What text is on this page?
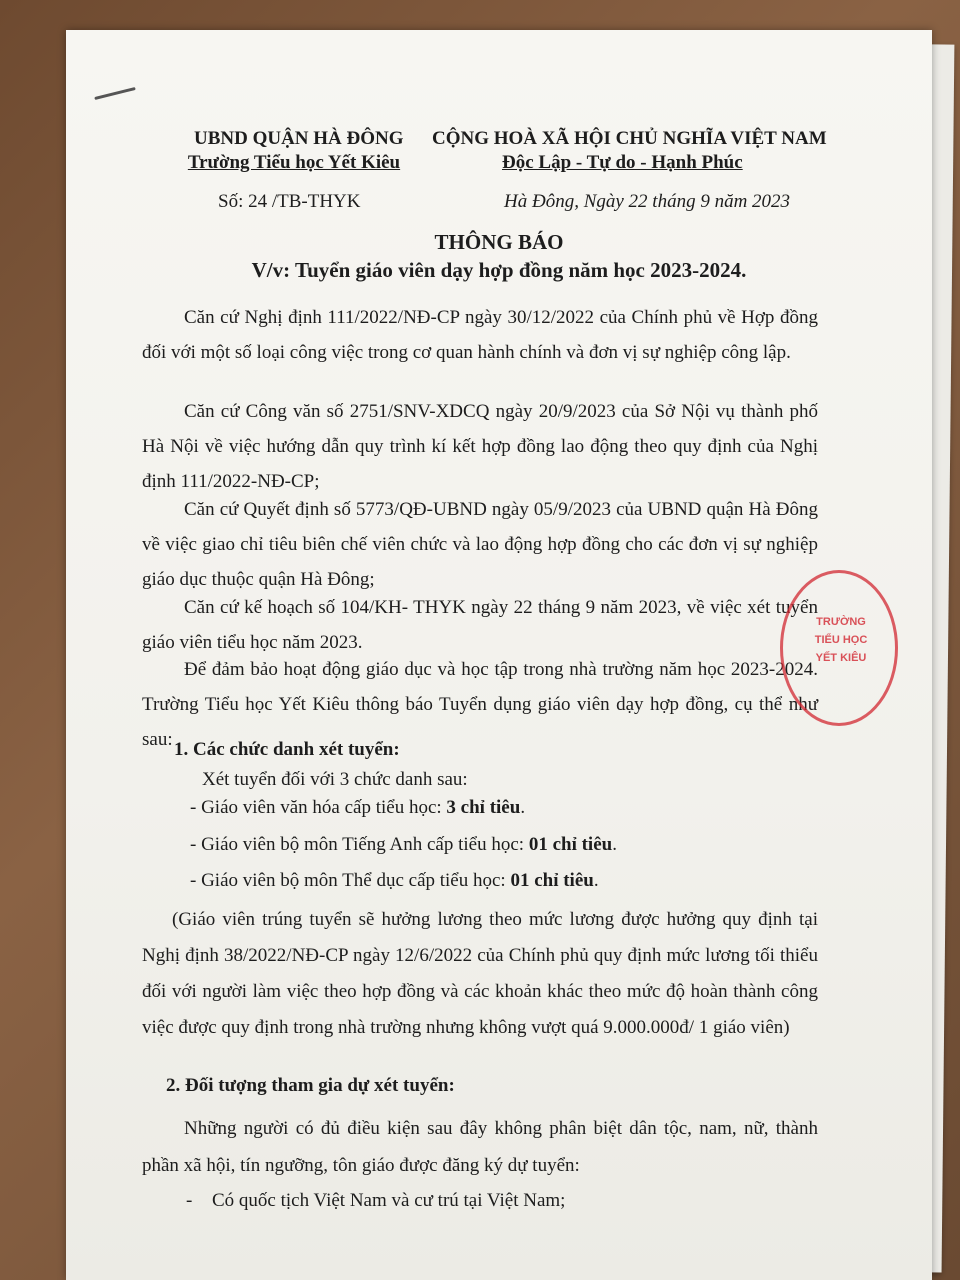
UBND QUẬN HÀ ĐÔNG
Trường Tiểu học Yết Kiêu
CỘNG HOÀ XÃ HỘI CHỦ NGHĨA VIỆT NAM
Độc Lập - Tự do - Hạnh Phúc
Số: 24 /TB-THYK	Hà Đông, Ngày 22 tháng 9 năm 2023
THÔNG BÁO
V/v: Tuyển giáo viên dạy hợp đồng năm học 2023-2024.
Căn cứ Nghị định 111/2022/NĐ-CP ngày 30/12/2022 của Chính phủ về Hợp đồng đối với một số loại công việc trong cơ quan hành chính và đơn vị sự nghiệp công lập.
Căn cứ Công văn số 2751/SNV-XDCQ ngày 20/9/2023 của Sở Nội vụ thành phố Hà Nội về việc hướng dẫn quy trình kí kết hợp đồng lao động theo quy định của Nghị định 111/2022-NĐ-CP;
Căn cứ Quyết định số 5773/QĐ-UBND ngày 05/9/2023 của UBND quận Hà Đông về việc giao chỉ tiêu biên chế viên chức và lao động hợp đồng cho các đơn vị sự nghiệp giáo dục thuộc quận Hà Đông;
Căn cứ kế hoạch số 104/KH- THYK ngày 22 tháng 9 năm 2023, về việc xét tuyển giáo viên tiểu học năm 2023.
Để đảm bảo hoạt động giáo dục và học tập trong nhà trường năm học 2023-2024. Trường Tiểu học Yết Kiêu thông báo Tuyển dụng giáo viên dạy hợp đồng, cụ thể như sau: 1. Các chức danh xét tuyển:
Xét tuyển đối với 3 chức danh sau:
- Giáo viên văn hóa cấp tiểu học: 3 chỉ tiêu.
- Giáo viên bộ môn Tiếng Anh cấp tiểu học: 01 chỉ tiêu.
- Giáo viên bộ môn Thể dục cấp tiểu học: 01 chỉ tiêu.
(Giáo viên trúng tuyển sẽ hưởng lương theo mức lương được hưởng quy định tại Nghị định 38/2022/NĐ-CP ngày 12/6/2022 của Chính phủ quy định mức lương tối thiểu đối với người làm việc theo hợp đồng và các khoản khác theo mức độ hoàn thành công việc được quy định trong nhà trường nhưng không vượt quá 9.000.000đ/ 1 giáo viên)
2. Đối tượng tham gia dự xét tuyển:
Những người có đủ điều kiện sau đây không phân biệt dân tộc, nam, nữ, thành phần xã hội, tín ngưỡng, tôn giáo được đăng ký dự tuyển:
- Có quốc tịch Việt Nam và cư trú tại Việt Nam;
TRƯỜNG
TIỂU HỌC
YẾT KIÊU
